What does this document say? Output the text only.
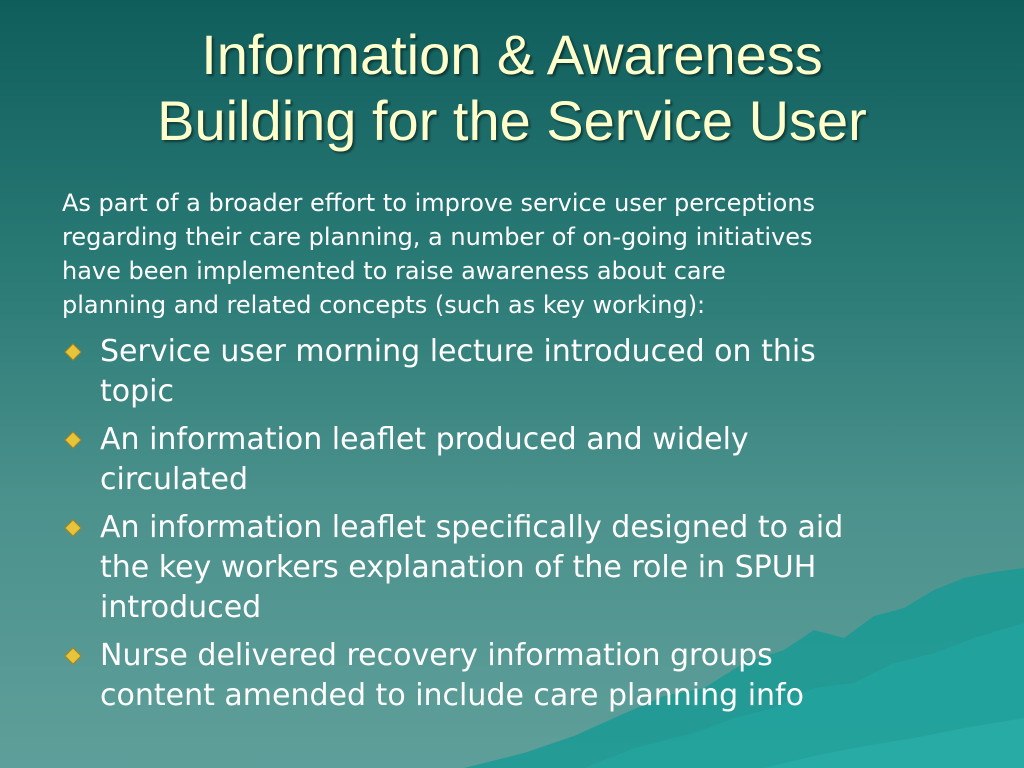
Information & Awareness
Building for the Service User

As part of a broader effort to improve service user perceptions
regarding their care planning, a number of on-going initiatives
have been implemented to raise awareness about care
planning and related concepts (such as key working):

Service user morning lecture introduced on this
topic
An information leaflet produced and widely
circulated
An information leaflet specifically designed to aid
the key workers explanation of the role in SPUH
introduced
Nurse delivered recovery information groups
content amended to include care planning info
